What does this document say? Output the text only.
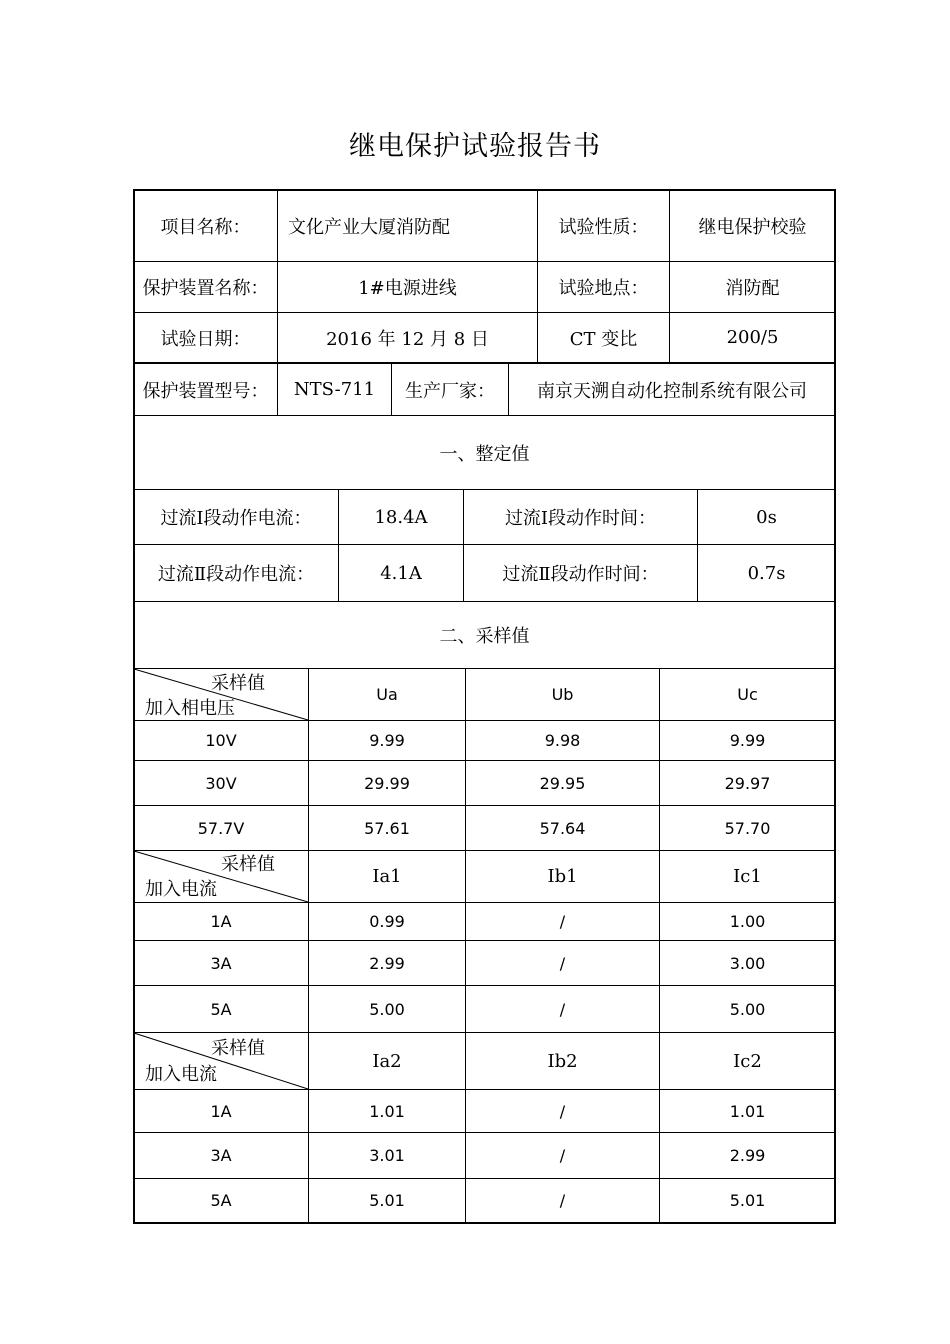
继电保护试验报告书
项目名称：	文化产业大厦消防配	试验性质：	继电保护校验
保护装置名称：	1#电源进线	试验地点：	消防配
试验日期：	2016 年 12 月 8 日	CT 变比	200/5
保护装置型号：	NTS-711	生产厂家：	南京天溯自动化控制系统有限公司
一、整定值
过流Ⅰ段动作电流：	18.4A	过流Ⅰ段动作时间：	0s
过流Ⅱ段动作电流：	4.1A	过流Ⅱ段动作时间：	0.7s
二、采样值
采样值
加入相电压
Ua	Ub	Uc
10V	9.99	9.98	9.99
30V	29.99	29.95	29.97
57.7V	57.61	57.64	57.70
采样值
加入电流
Ia1	Ib1	Ic1
1A	0.99	/	1.00
3A	2.99	/	3.00
5A	5.00	/	5.00
采样值
加入电流
Ia2	Ib2	Ic2
1A	1.01	/	1.01
3A	3.01	/	2.99
5A	5.01	/	5.01
